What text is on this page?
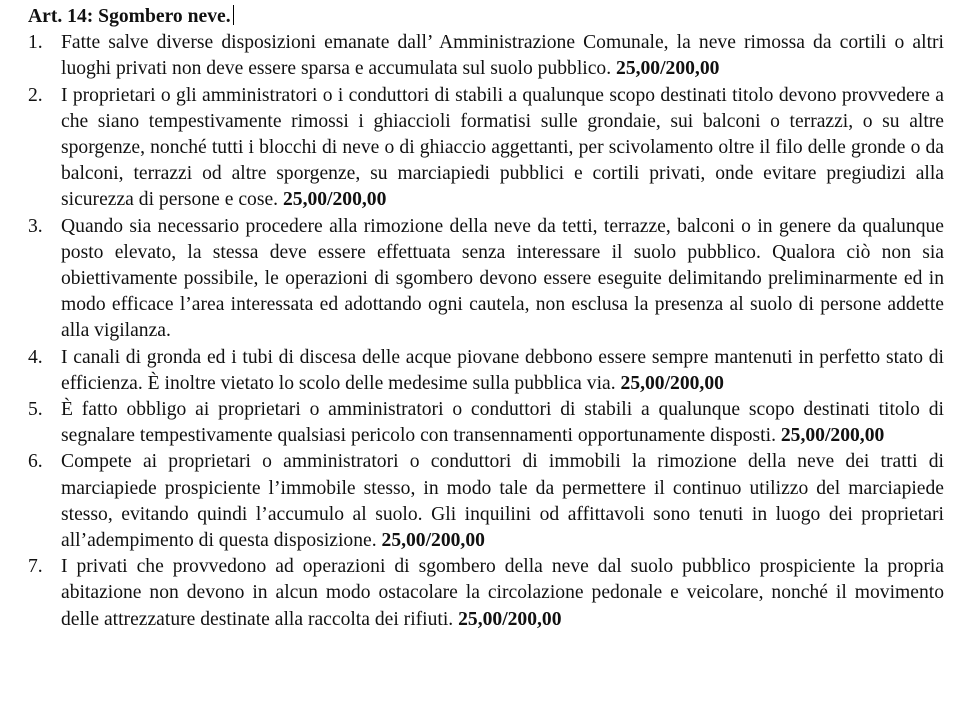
Art. 14: Sgombero neve.

1. Fatte salve diverse disposizioni emanate dall’ Amministrazione Comunale, la neve rimossa da cortili o altri luoghi privati non deve essere sparsa e accumulata sul suolo pubblico. 25,00/200,00
2. I proprietari o gli amministratori o i conduttori di stabili a qualunque scopo destinati titolo devono provvedere a che siano tempestivamente rimossi i ghiaccioli formatisi sulle grondaie, sui balconi o terrazzi, o su altre sporgenze, nonché tutti i blocchi di neve o di ghiaccio aggettanti, per scivolamento oltre il filo delle gronde o da balconi, terrazzi od altre sporgenze, su marciapiedi pubblici e cortili privati, onde evitare pregiudizi alla sicurezza di persone e cose. 25,00/200,00
3. Quando sia necessario procedere alla rimozione della neve da tetti, terrazze, balconi o in genere da qualunque posto elevato, la stessa deve essere effettuata senza interessare il suolo pubblico. Qualora ciò non sia obiettivamente possibile, le operazioni di sgombero devono essere eseguite delimitando preliminarmente ed in modo efficace l’area interessata ed adottando ogni cautela, non esclusa la presenza al suolo di persone addette alla vigilanza.
4. I canali di gronda ed i tubi di discesa delle acque piovane debbono essere sempre mantenuti in perfetto stato di efficienza. È inoltre vietato lo scolo delle medesime sulla pubblica via. 25,00/200,00
5. È fatto obbligo ai proprietari o amministratori o conduttori di stabili a qualunque scopo destinati titolo di segnalare tempestivamente qualsiasi pericolo con transennamenti opportunamente disposti. 25,00/200,00
6. Compete ai proprietari o amministratori o conduttori di immobili la rimozione della neve dei tratti di marciapiede prospiciente l’immobile stesso, in modo tale da permettere il continuo utilizzo del marciapiede stesso, evitando quindi l’accumulo al suolo. Gli inquilini od affittavoli sono tenuti in luogo dei proprietari all’adempimento di questa disposizione. 25,00/200,00
7. I privati che provvedono ad operazioni di sgombero della neve dal suolo pubblico prospiciente la propria abitazione non devono in alcun modo ostacolare la circolazione pedonale e veicolare, nonché il movimento delle attrezzature destinate alla raccolta dei rifiuti. 25,00/200,00
